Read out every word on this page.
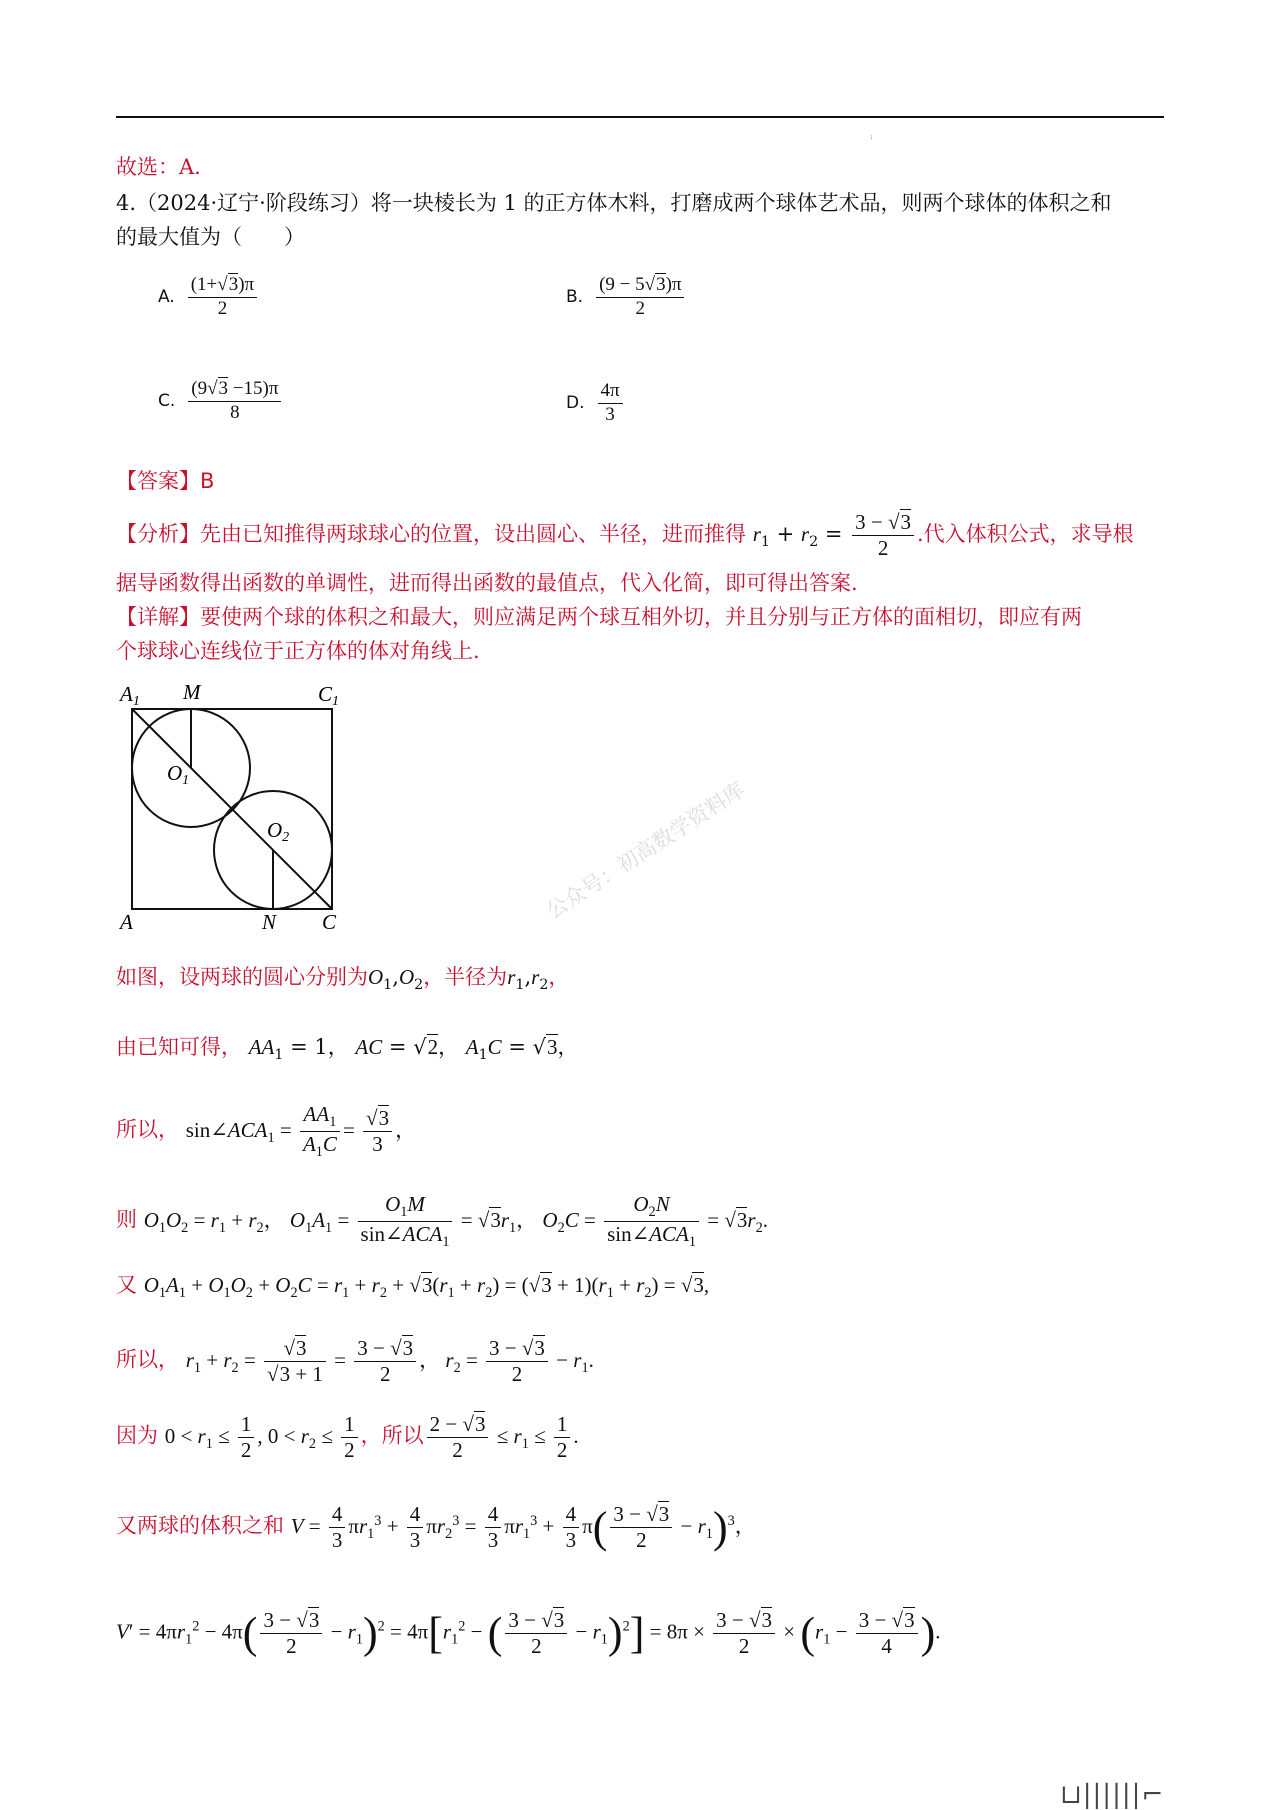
:
故选：A.
4.（2024·辽宁·阶段练习）将一块棱长为 1 的正方体木料，打磨成两个球体艺术品，则两个球体的体积之和
的最大值为（　　）
A. $\frac{(1+√3)\pi}{2}$	B. $\frac{(9 - 5√3)\pi}{2}$
C. $\frac{(9√3 -15)\pi}{8}$	D. $\frac{4\pi}{3}$
【答案】B
【分析】先由已知推得两球球心的位置，设出圆心、半径，进而推得 $r_1 + r_2 = \frac{3 - √3}{2}$ .代入体积公式，求导根
据导函数得出函数的单调性，进而得出函数的最值点，代入化简，即可得出答案.
【详解】要使两个球的体积之和最大，则应满足两个球互相外切，并且分别与正方体的面相切，即应有两
个球球心连线位于正方体的体对角线上.
A1 M	C1
O1
O2
A	N C	公众号：初高数学资料库
如图，设两球的圆心分别为$O_1,O_2$，半径为$r_1,r_2$，
由已知可得， $AA_1 = 1$， AC = √2， $A_1C = √3$，
所以， $\sin\angle ACA_1 = \frac{AA_1}{A_1C} = \frac{√3}{3}$ ，
则 $O_1O_2 = r_1 + r_2$， $O_1A_1 = \frac{O_1M}{\sin\angle ACA_1} = √3r_1$， $O_2C = \frac{O_2N}{\sin\angle ACA_1} = √3r_2$.
又 $O_1A_1 + O_1O_2 + O_2C = r_1 + r_2 + √3(r_1 + r_2) = (√3 + 1)(r_1 + r_2) = √3$,
所以， $r_1 + r_2 = \frac{√3}{√3 + 1} = \frac{3 - √3}{2}$ ， $r_2 = \frac{3 - √3}{2} - r_1$.
因为 $0 < r_1 \le \frac{1}{2}$ , $0 < r_2 \le \frac{1}{2}$ ，所以 $\frac{2 - √3}{2} \le r_1 \le \frac{1}{2}$ .
又两球的体积之和 $V = \frac{4}{3} \pi r_1^3 + \frac{4}{3} \pi r_2^3 = \frac{4}{3} \pi r_1^3 + \frac{4}{3} \pi( \frac{3 - √3}{2} - r_1)^3$，
$V' = 4\pi r_1^2 - 4\pi( \frac{3 - √3}{2} - r_1)^2 = 4\pi[r_1^2$ − ( $\frac{3 - √3}{2} - r_1)^2] = 8\pi \times \frac{3 - √3}{2} \times (r_1 - \frac{3 - √3}{4}$ ).
⊔||||||⌐
